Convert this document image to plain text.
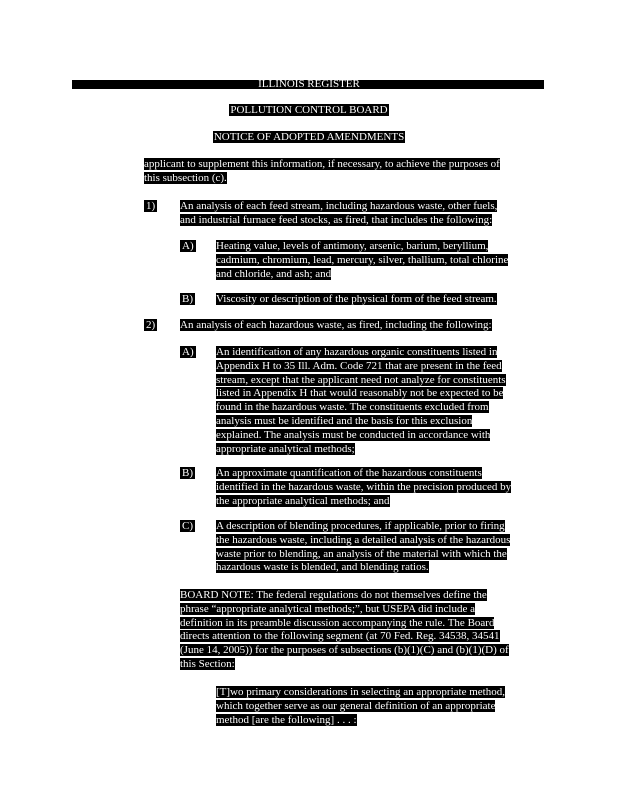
ILLINOIS REGISTER
POLLUTION CONTROL BOARD
NOTICE OF ADOPTED AMENDMENTS
applicant to supplement this information, if necessary, to achieve the purposes of
this subsection (c).
1) An analysis of each feed stream, including hazardous waste, other fuels,
and industrial furnace feed stocks, as fired, that includes the following:
A) Heating value, levels of antimony, arsenic, barium, beryllium,
cadmium, chromium, lead, mercury, silver, thallium, total chlorine
and chloride, and ash; and
B) Viscosity or description of the physical form of the feed stream.
2) An analysis of each hazardous waste, as fired, including the following:
A) An identification of any hazardous organic constituents listed in
Appendix H to 35 Ill. Adm. Code 721 that are present in the feed
stream, except that the applicant need not analyze for constituents
listed in Appendix H that would reasonably not be expected to be
found in the hazardous waste. The constituents excluded from
analysis must be identified and the basis for this exclusion
explained. The analysis must be conducted in accordance with
appropriate analytical methods;
B) An approximate quantification of the hazardous constituents
identified in the hazardous waste, within the precision produced by
the appropriate analytical methods; and
C) A description of blending procedures, if applicable, prior to firing
the hazardous waste, including a detailed analysis of the hazardous
waste prior to blending, an analysis of the material with which the
hazardous waste is blended, and blending ratios.
BOARD NOTE: The federal regulations do not themselves define the
phrase “appropriate analytical methods;”, but USEPA did include a
definition in its preamble discussion accompanying the rule. The Board
directs attention to the following segment (at 70 Fed. Reg. 34538, 34541
(June 14, 2005)) for the purposes of subsections (b)(1)(C) and (b)(1)(D) of
this Section:
[T]wo primary considerations in selecting an appropriate method,
which together serve as our general definition of an appropriate
method [are the following] . . . :
